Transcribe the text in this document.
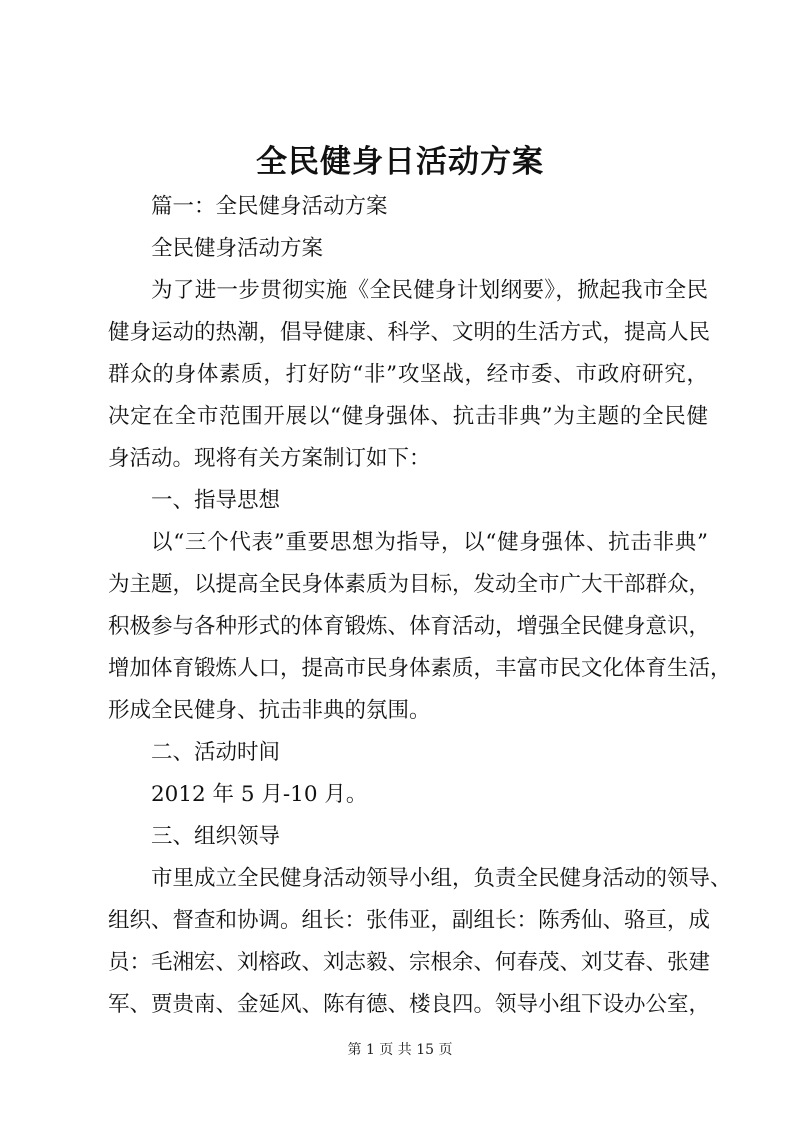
全民健身日活动方案
篇一：全民健身活动方案
全民健身活动方案
为了进一步贯彻实施《全民健身计划纲要》，掀起我市全民
健身运动的热潮，倡导健康、科学、文明的生活方式，提高人民
群众的身体素质，打好防“非”攻坚战，经市委、市政府研究，
决定在全市范围开展以“健身强体、抗击非典”为主题的全民健
身活动。现将有关方案制订如下：
一、指导思想
以“三个代表”重要思想为指导，以“健身强体、抗击非典”
为主题，以提高全民身体素质为目标，发动全市广大干部群众，
积极参与各种形式的体育锻炼、体育活动，增强全民健身意识，
增加体育锻炼人口，提高市民身体素质，丰富市民文化体育生活，
形成全民健身、抗击非典的氛围。
二、活动时间
2012 年 5 月-10 月。
三、组织领导
市里成立全民健身活动领导小组，负责全民健身活动的领导、
组织、督查和协调。组长：张伟亚，副组长：陈秀仙、骆亘，成
员：毛湘宏、刘榕政、刘志毅、宗根余、何春茂、刘艾春、张建
军、贾贵南、金延风、陈有德、楼良四。领导小组下设办公室，
第 1 页 共 15 页
